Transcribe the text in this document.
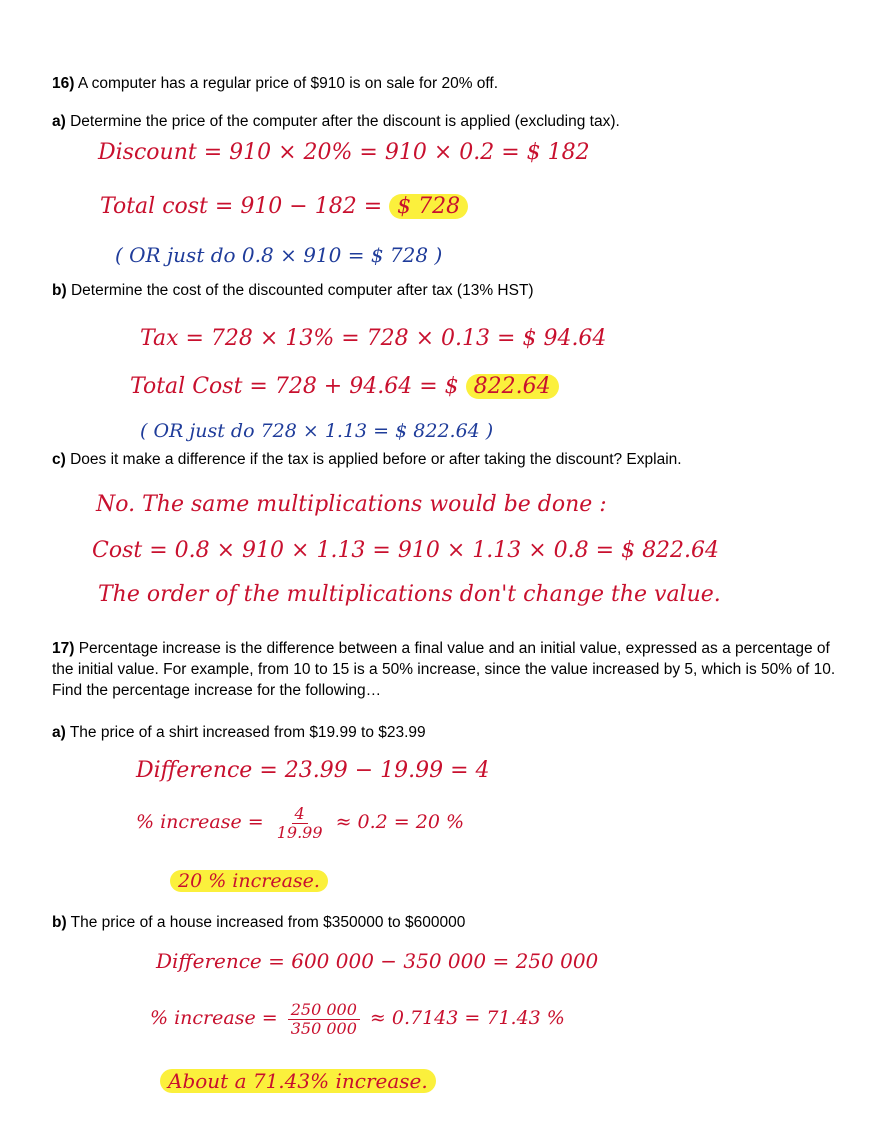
16) A computer has a regular price of $910 is on sale for 20% off.
a) Determine the price of the computer after the discount is applied (excluding tax).
Discount = 910 × 20% = 910 × 0.2 = $ 182
Total cost = 910 − 182 = $ 728
( OR just do 0.8 × 910 = $ 728 )
b) Determine the cost of the discounted computer after tax (13% HST)
Tax = 728 × 13% = 728 × 0.13 = $ 94.64
Total Cost = 728 + 94.64 = $ 822.64
( OR just do 728 × 1.13 = $ 822.64 )
c) Does it make a difference if the tax is applied before or after taking the discount? Explain.
No. The same multiplications would be done :
Cost = 0.8 × 910 × 1.13 = 910 × 1.13 × 0.8 = $ 822.64
The order of the multiplications don't change the value.
17) Percentage increase is the difference between a final value and an initial value, expressed as a percentage of the initial value. For example, from 10 to 15 is a 50% increase, since the value increased by 5, which is 50% of 10. Find the percentage increase for the following…
a) The price of a shirt increased from $19.99 to $23.99
Difference = 23.99 − 19.99 = 4
% increase = $\frac{4}{19.99} \approx 0.2 = 20$ %
20 % increase.
b) The price of a house increased from $350000 to $600000
Difference = 600 000 − 350 000 = 250 000
% increase = $\frac{250 000}{350 000} \approx 0.7143 = 71.43$ %
About a 71.43% increase.
